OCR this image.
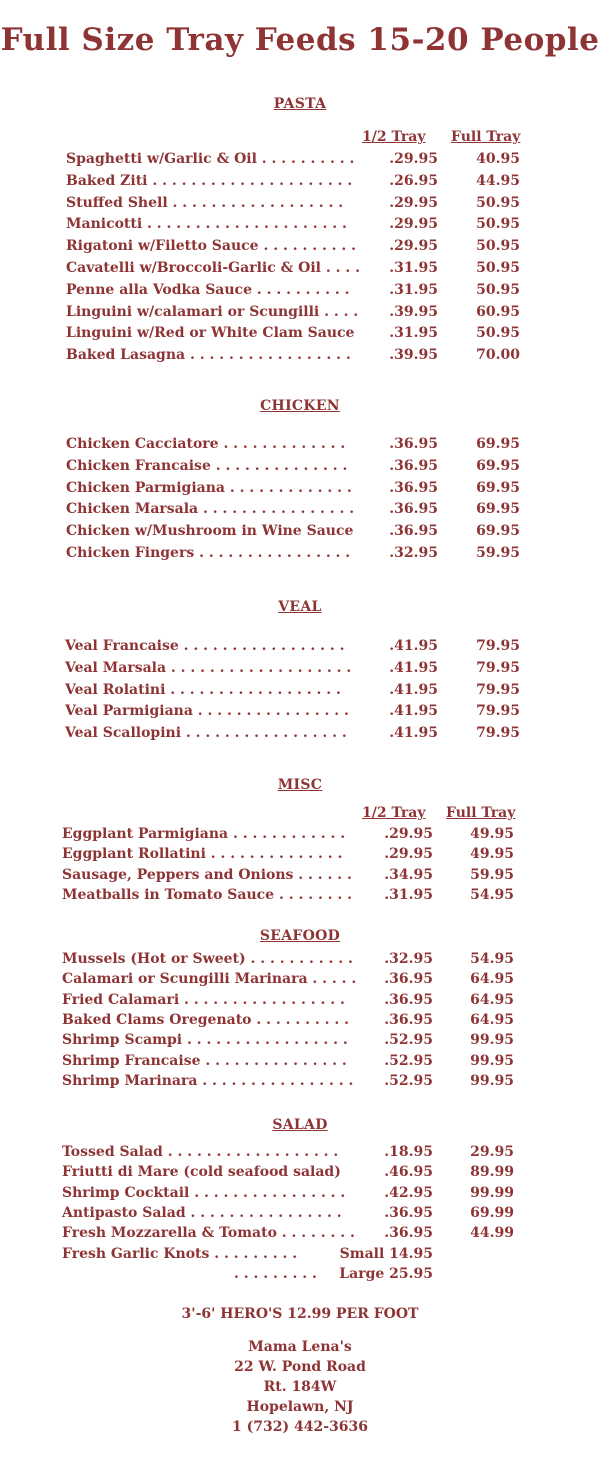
Full Size Tray Feeds 15-20 People
PASTA
1/2 Tray Full Tray
Spaghetti w/Garlic & Oil . . . . . . . . . . .29.95	40.95
Baked Ziti . . . . . . . . . . . . . . . . . . . . .	.26.95	44.95
Stuffed Shell . . . . . . . . . . . . . . . . . .	.29.95	50.95
Manicotti . . . . . . . . . . . . . . . . . . . . .	.29.95	50.95
Rigatoni w/Filetto Sauce . . . . . . . . . . .29.95	50.95
Cavatelli w/Broccoli-Garlic & Oil . . . . .31.95	50.95
Penne alla Vodka Sauce . . . . . . . . . .	.31.95	50.95
Linguini w/calamari or Scungilli . . . . .39.95	60.95
Linguini w/Red or White Clam Sauce .31.95	50.95
Baked Lasagna . . . . . . . . . . . . . . . . .	.39.95	70.00
CHICKEN
Chicken Cacciatore . . . . . . . . . . . . .	.36.95	69.95
Chicken Francaise . . . . . . . . . . . . . .	.36.95	69.95
Chicken Parmigiana . . . . . . . . . . . . .	.36.95	69.95
Chicken Marsala . . . . . . . . . . . . . . . .	.36.95	69.95
Chicken w/Mushroom in Wine Sauce	.36.95	69.95
Chicken Fingers . . . . . . . . . . . . . . . .	.32.95	59.95
VEAL
Veal Francaise . . . . . . . . . . . . . . . . .	.41.95	79.95
Veal Marsala . . . . . . . . . . . . . . . . . . .	.41.95	79.95
Veal Rolatini . . . . . . . . . . . . . . . . . .	.41.95	79.95
Veal Parmigiana . . . . . . . . . . . . . . . .	.41.95	79.95
Veal Scallopini . . . . . . . . . . . . . . . . .	.41.95	79.95
MISC
1/2 Tray Full Tray
Eggplant Parmigiana . . . . . . . . . . . .	.29.95	49.95
Eggplant Rollatini . . . . . . . . . . . . . .	.29.95	49.95
Sausage, Peppers and Onions . . . . . . .34.95	59.95
Meatballs in Tomato Sauce . . . . . . . . .31.95	54.95
SEAFOOD
Mussels (Hot or Sweet) . . . . . . . . . . . .32.95	54.95
Calamari or Scungilli Marinara . . . . . .36.95	64.95
Fried Calamari . . . . . . . . . . . . . . . . .	.36.95	64.95
Baked Clams Oregenato . . . . . . . . . .	.36.95	64.95
Shrimp Scampi . . . . . . . . . . . . . . . . .	.52.95	99.95
Shrimp Francaise . . . . . . . . . . . . . . .	.52.95	99.95
Shrimp Marinara . . . . . . . . . . . . . . . . .52.95	99.95
SALAD
Tossed Salad . . . . . . . . . . . . . . . . . .	.18.95	29.95
Friutti di Mare (cold seafood salad)	.46.95	89.99
Shrimp Cocktail . . . . . . . . . . . . . . . .	.42.95	99.99
Antipasto Salad . . . . . . . . . . . . . . . .	.36.95	69.99
Fresh Mozzarella & Tomato . . . . . . . . .36.95	44.99
Fresh Garlic Knots . . . . . . . . .	Small 14.95
. . . . . . . . . Large 25.95
3'-6' HERO'S 12.99 PER FOOT
Mama Lena's
22 W. Pond Road
Rt. 184W
Hopelawn, NJ
1 (732) 442-3636
